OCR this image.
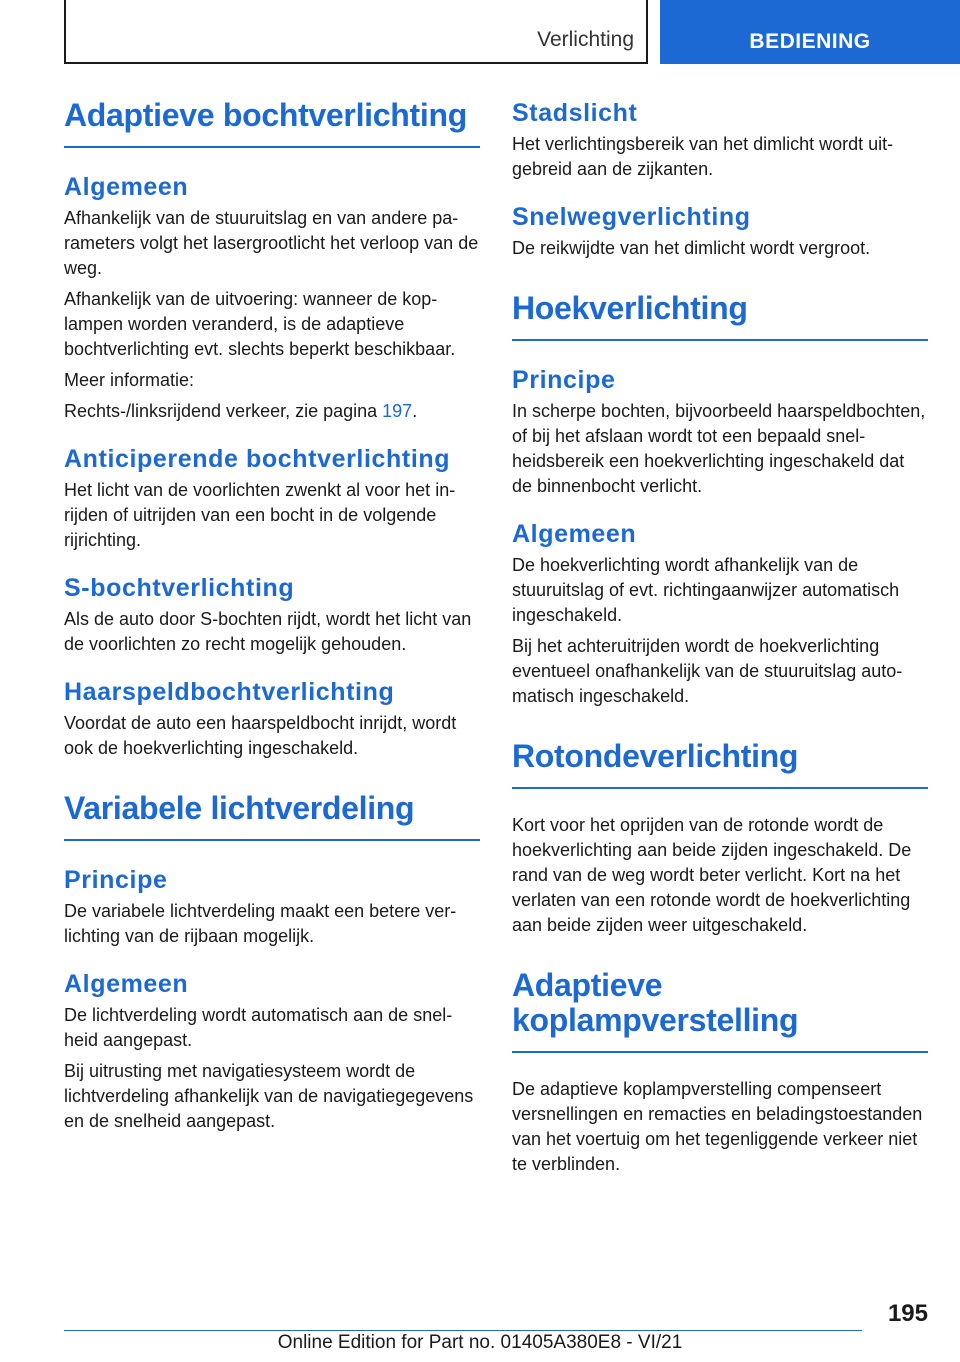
Verlichting	BEDIENING
Adaptieve bochtverlichting
Algemeen

Afhankelijk van de stuuruitslag en van andere parameters volgt het lasergrootlicht het verloop van de weg.

Afhankelijk van de uitvoering: wanneer de koplampen worden veranderd, is de adaptieve bochtverlichting evt. slechts beperkt beschikbaar.

Meer informatie:

Rechts-/linksrijdend verkeer, zie pagina 197.

Anticiperende bochtverlichting

Het licht van de voorlichten zwenkt al voor het inrijden of uitrijden van een bocht in de volgende rijrichting.

S-bochtverlichting

Als de auto door S-bochten rijdt, wordt het licht van de voorlichten zo recht mogelijk gehouden.

Haarspeldbochtverlichting

Voordat de auto een haarspeldbocht inrijdt, wordt ook de hoekverlichting ingeschakeld.

Variabele lichtverdeling
Principe

De variabele lichtverdeling maakt een betere verlichting van de rijbaan mogelijk.

Algemeen

De lichtverdeling wordt automatisch aan de snelheid aangepast.

Bij uitrusting met navigatiesysteem wordt de lichtverdeling afhankelijk van de navigatiegegevens en de snelheid aangepast.

Stadslicht

Het verlichtingsbereik van het dimlicht wordt uitgebreid aan de zijkanten.

Snelwegverlichting

De reikwijdte van het dimlicht wordt vergroot.

Hoekverlichting
Principe

In scherpe bochten, bijvoorbeeld haarspeldbochten, of bij het afslaan wordt tot een bepaald snelheidsbereik een hoekverlichting ingeschakeld dat de binnenbocht verlicht.

Algemeen

De hoekverlichting wordt afhankelijk van de stuuruitslag of evt. richtingaanwijzer automatisch ingeschakeld.

Bij het achteruitrijden wordt de hoekverlichting eventueel onafhankelijk van de stuuruitslag automatisch ingeschakeld.

Rotondeverlichting

Kort voor het oprijden van de rotonde wordt de hoekverlichting aan beide zijden ingeschakeld. De rand van de weg wordt beter verlicht. Kort na het verlaten van een rotonde wordt de hoekverlichting aan beide zijden weer uitgeschakeld.

Adaptieve
koplampverstelling

De adaptieve koplampverstelling compenseert versnellingen en remacties en beladingstoestanden van het voertuig om het tegenliggende verkeer niet te verblinden.

195
Online Edition for Part no. 01405A380E8 - VI/21
